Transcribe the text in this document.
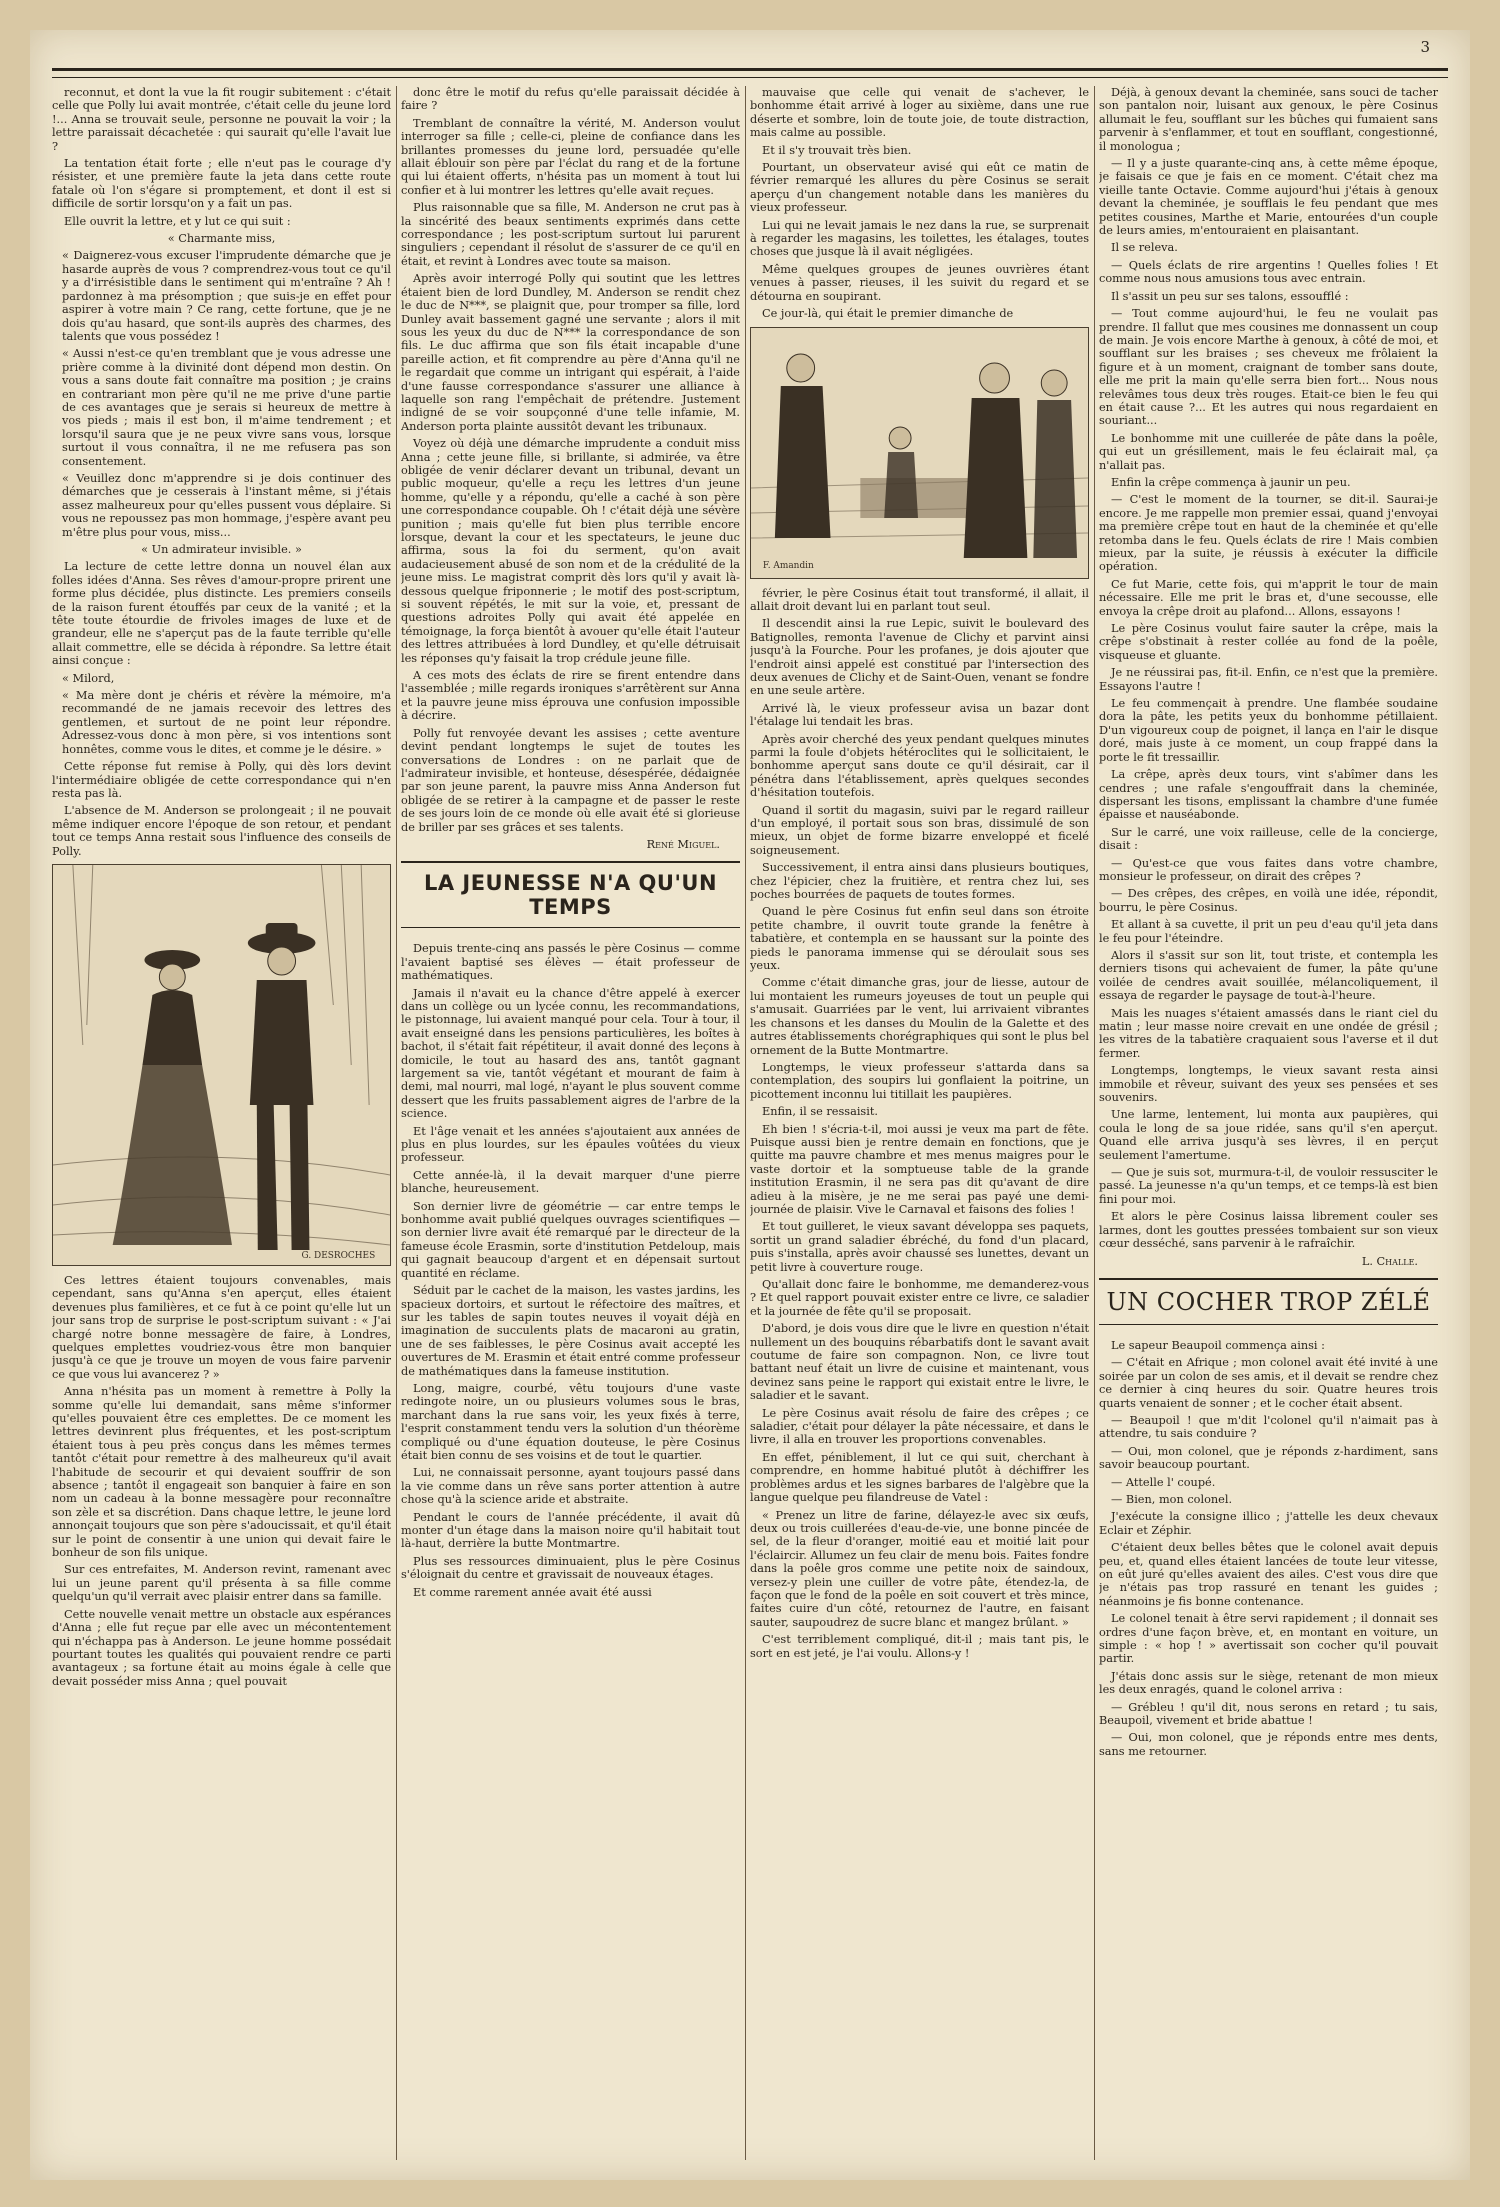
3

reconnut, et dont la vue la fit rougir subitement : c'était celle que Polly lui avait montrée, c'était celle du jeune lord !... Anna se trouvait seule, personne ne pouvait la voir ; la lettre paraissait décachetée : qui saurait qu'elle l'avait lue ?

La tentation était forte ; elle n'eut pas le courage d'y résister, et une première faute la jeta dans cette route fatale où l'on s'égare si promptement, et dont il est si difficile de sortir lorsqu'on y a fait un pas.

Elle ouvrit la lettre, et y lut ce qui suit :

« Charmante miss,

« Daignerez-vous excuser l'imprudente démarche que je hasarde auprès de vous ? comprendrez-vous tout ce qu'il y a d'irrésistible dans le sentiment qui m'entraîne ? Ah ! pardonnez à ma présomption ; que suis-je en effet pour aspirer à votre main ? Ce rang, cette fortune, que je ne dois qu'au hasard, que sont-ils auprès des charmes, des talents que vous possédez !

« Aussi n'est-ce qu'en tremblant que je vous adresse une prière comme à la divinité dont dépend mon destin. On vous a sans doute fait connaître ma position ; je crains en contrariant mon père qu'il ne me prive d'une partie de ces avantages que je serais si heureux de mettre à vos pieds ; mais il est bon, il m'aime tendrement ; et lorsqu'il saura que je ne peux vivre sans vous, lorsque surtout il vous connaîtra, il ne me refusera pas son consentement.

« Veuillez donc m'apprendre si je dois continuer des démarches que je cesserais à l'instant même, si j'étais assez malheureux pour qu'elles pussent vous déplaire. Si vous ne repoussez pas mon hommage, j'espère avant peu m'être plus pour vous, miss...

« Un admirateur invisible. »

La lecture de cette lettre donna un nouvel élan aux folles idées d'Anna. Ses rêves d'amour-propre prirent une forme plus décidée, plus distincte. Les premiers conseils de la raison furent étouffés par ceux de la vanité ; et la tête toute étourdie de frivoles images de luxe et de grandeur, elle ne s'aperçut pas de la faute terrible qu'elle allait commettre, elle se décida à répondre. Sa lettre était ainsi conçue :

« Milord,

« Ma mère dont je chéris et révère la mémoire, m'a recommandé de ne jamais recevoir des lettres des gentlemen, et surtout de ne point leur répondre. Adressez-vous donc à mon père, si vos intentions sont honnêtes, comme vous le dites, et comme je le désire. »

Cette réponse fut remise à Polly, qui dès lors devint l'intermédiaire obligée de cette correspondance qui n'en resta pas là.

L'absence de M. Anderson se prolongeait ; il ne pouvait même indiquer encore l'époque de son retour, et pendant tout ce temps Anna restait sous l'influence des conseils de Polly.

G. DESROCHES

Ces lettres étaient toujours convenables, mais cependant, sans qu'Anna s'en aperçut, elles étaient devenues plus familières, et ce fut à ce point qu'elle lut un jour sans trop de surprise le post-scriptum suivant : « J'ai chargé notre bonne messagère de faire, à Londres, quelques emplettes voudriez-vous être mon banquier jusqu'à ce que je trouve un moyen de vous faire parvenir ce que vous lui avancerez ? »

Anna n'hésita pas un moment à remettre à Polly la somme qu'elle lui demandait, sans même s'informer qu'elles pouvaient être ces emplettes. De ce moment les lettres devinrent plus fréquentes, et les post-scriptum étaient tous à peu près conçus dans les mêmes termes tantôt c'était pour remettre à des malheureux qu'il avait l'habitude de secourir et qui devaient souffrir de son absence ; tantôt il engageait son banquier à faire en son nom un cadeau à la bonne messagère pour reconnaître son zèle et sa discrétion. Dans chaque lettre, le jeune lord annonçait toujours que son père s'adoucissait, et qu'il était sur le point de consentir à une union qui devait faire le bonheur de son fils unique.

Sur ces entrefaites, M. Anderson revint, ramenant avec lui un jeune parent qu'il présenta à sa fille comme quelqu'un qu'il verrait avec plaisir entrer dans sa famille.

Cette nouvelle venait mettre un obstacle aux espérances d'Anna ; elle fut reçue par elle avec un mécontentement qui n'échappa pas à Anderson. Le jeune homme possédait pourtant toutes les qualités qui pouvaient rendre ce parti avantageux ; sa fortune était au moins égale à celle que devait posséder miss Anna ; quel pouvait

donc être le motif du refus qu'elle paraissait décidée à faire ?

Tremblant de connaître la vérité, M. Anderson voulut interroger sa fille ; celle-ci, pleine de confiance dans les brillantes promesses du jeune lord, persuadée qu'elle allait éblouir son père par l'éclat du rang et de la fortune qui lui étaient offerts, n'hésita pas un moment à tout lui confier et à lui montrer les lettres qu'elle avait reçues.

Plus raisonnable que sa fille, M. Anderson ne crut pas à la sincérité des beaux sentiments exprimés dans cette correspondance ; les post-scriptum surtout lui parurent singuliers ; cependant il résolut de s'assurer de ce qu'il en était, et revint à Londres avec toute sa maison.

Après avoir interrogé Polly qui soutint que les lettres étaient bien de lord Dundley, M. Anderson se rendit chez le duc de N***, se plaignit que, pour tromper sa fille, lord Dunley avait bassement gagné une servante ; alors il mit sous les yeux du duc de N*** la correspondance de son fils. Le duc affirma que son fils était incapable d'une pareille action, et fit comprendre au père d'Anna qu'il ne le regardait que comme un intrigant qui espérait, à l'aide d'une fausse correspondance s'assurer une alliance à laquelle son rang l'empêchait de prétendre. Justement indigné de se voir soupçonné d'une telle infamie, M. Anderson porta plainte aussitôt devant les tribunaux.

Voyez où déjà une démarche imprudente a conduit miss Anna ; cette jeune fille, si brillante, si admirée, va être obligée de venir déclarer devant un tribunal, devant un public moqueur, qu'elle a reçu les lettres d'un jeune homme, qu'elle y a répondu, qu'elle a caché à son père une correspondance coupable. Oh ! c'était déjà une sévère punition ; mais qu'elle fut bien plus terrible encore lorsque, devant la cour et les spectateurs, le jeune duc affirma, sous la foi du serment, qu'on avait audacieusement abusé de son nom et de la crédulité de la jeune miss. Le magistrat comprit dès lors qu'il y avait là-dessous quelque friponnerie ; le motif des post-scriptum, si souvent répétés, le mit sur la voie, et, pressant de questions adroites Polly qui avait été appelée en témoignage, la força bientôt à avouer qu'elle était l'auteur des lettres attribuées à lord Dundley, et qu'elle détruisait les réponses qu'y faisait la trop crédule jeune fille.

A ces mots des éclats de rire se firent entendre dans l'assemblée ; mille regards ironiques s'arrêtèrent sur Anna et la pauvre jeune miss éprouva une confusion impossible à décrire.

Polly fut renvoyée devant les assises ; cette aventure devint pendant longtemps le sujet de toutes les conversations de Londres : on ne parlait que de l'admirateur invisible, et honteuse, désespérée, dédaignée par son jeune parent, la pauvre miss Anna Anderson fut obligée de se retirer à la campagne et de passer le reste de ses jours loin de ce monde où elle avait été si glorieuse de briller par ses grâces et ses talents.

René Miguel.

LA JEUNESSE N'A QU'UN TEMPS

Depuis trente-cinq ans passés le père Cosinus — comme l'avaient baptisé ses élèves — était professeur de mathématiques.

Jamais il n'avait eu la chance d'être appelé à exercer dans un collège ou un lycée connu, les recommandations, le pistonnage, lui avaient manqué pour cela. Tour à tour, il avait enseigné dans les pensions particulières, les boîtes à bachot, il s'était fait répétiteur, il avait donné des leçons à domicile, le tout au hasard des ans, tantôt gagnant largement sa vie, tantôt végétant et mourant de faim à demi, mal nourri, mal logé, n'ayant le plus souvent comme dessert que les fruits passablement aigres de l'arbre de la science.

Et l'âge venait et les années s'ajoutaient aux années de plus en plus lourdes, sur les épaules voûtées du vieux professeur.

Cette année-là, il la devait marquer d'une pierre blanche, heureusement.

Son dernier livre de géométrie — car entre temps le bonhomme avait publié quelques ouvrages scientifiques — son dernier livre avait été remarqué par le directeur de la fameuse école Erasmin, sorte d'institution Petdeloup, mais qui gagnait beaucoup d'argent et en dépensait surtout quantité en réclame.

Séduit par le cachet de la maison, les vastes jardins, les spacieux dortoirs, et surtout le réfectoire des maîtres, et sur les tables de sapin toutes neuves il voyait déjà en imagination de succulents plats de macaroni au gratin, une de ses faiblesses, le père Cosinus avait accepté les ouvertures de M. Erasmin et était entré comme professeur de mathématiques dans la fameuse institution.

Long, maigre, courbé, vêtu toujours d'une vaste redingote noire, un ou plusieurs volumes sous le bras, marchant dans la rue sans voir, les yeux fixés à terre, l'esprit constamment tendu vers la solution d'un théorème compliqué ou d'une équation douteuse, le père Cosinus était bien connu de ses voisins et de tout le quartier.

Lui, ne connaissait personne, ayant toujours passé dans la vie comme dans un rêve sans porter attention à autre chose qu'à la science aride et abstraite.

Pendant le cours de l'année précédente, il avait dû monter d'un étage dans la maison noire qu'il habitait tout là-haut, derrière la butte Montmartre.

Plus ses ressources diminuaient, plus le père Cosinus s'éloignait du centre et gravissait de nouveaux étages.

Et comme rarement année avait été aussi

mauvaise que celle qui venait de s'achever, le bonhomme était arrivé à loger au sixième, dans une rue déserte et sombre, loin de toute joie, de toute distraction, mais calme au possible.

Et il s'y trouvait très bien.

Pourtant, un observateur avisé qui eût ce matin de février remarqué les allures du père Cosinus se serait aperçu d'un changement notable dans les manières du vieux professeur.

Lui qui ne levait jamais le nez dans la rue, se surprenait à regarder les magasins, les toilettes, les étalages, toutes choses que jusque là il avait négligées.

Même quelques groupes de jeunes ouvrières étant venues à passer, rieuses, il les suivit du regard et se détourna en soupirant.

Ce jour-là, qui était le premier dimanche de

F. Amandin

février, le père Cosinus était tout transformé, il allait, il allait droit devant lui en parlant tout seul.

Il descendit ainsi la rue Lepic, suivit le boulevard des Batignolles, remonta l'avenue de Clichy et parvint ainsi jusqu'à la Fourche. Pour les profanes, je dois ajouter que l'endroit ainsi appelé est constitué par l'intersection des deux avenues de Clichy et de Saint-Ouen, venant se fondre en une seule artère.

Arrivé là, le vieux professeur avisa un bazar dont l'étalage lui tendait les bras.

Après avoir cherché des yeux pendant quelques minutes parmi la foule d'objets hétéroclites qui le sollicitaient, le bonhomme aperçut sans doute ce qu'il désirait, car il pénétra dans l'établissement, après quelques secondes d'hésitation toutefois.

Quand il sortit du magasin, suivi par le regard railleur d'un employé, il portait sous son bras, dissimulé de son mieux, un objet de forme bizarre enveloppé et ficelé soigneusement.

Successivement, il entra ainsi dans plusieurs boutiques, chez l'épicier, chez la fruitière, et rentra chez lui, ses poches bourrées de paquets de toutes formes.

Quand le père Cosinus fut enfin seul dans son étroite petite chambre, il ouvrit toute grande la fenêtre à tabatière, et contempla en se haussant sur la pointe des pieds le panorama immense qui se déroulait sous ses yeux.

Comme c'était dimanche gras, jour de liesse, autour de lui montaient les rumeurs joyeuses de tout un peuple qui s'amusait. Guarriées par le vent, lui arrivaient vibrantes les chansons et les danses du Moulin de la Galette et des autres établissements chorégraphiques qui sont le plus bel ornement de la Butte Montmartre.

Longtemps, le vieux professeur s'attarda dans sa contemplation, des soupirs lui gonflaient la poitrine, un picottement inconnu lui titillait les paupières.

Enfin, il se ressaisit.

Eh bien ! s'écria-t-il, moi aussi je veux ma part de fête. Puisque aussi bien je rentre demain en fonctions, que je quitte ma pauvre chambre et mes menus maigres pour le vaste dortoir et la somptueuse table de la grande institution Erasmin, il ne sera pas dit qu'avant de dire adieu à la misère, je ne me serai pas payé une demi-journée de plaisir. Vive le Carnaval et faisons des folies !

Et tout guilleret, le vieux savant développa ses paquets, sortit un grand saladier ébréché, du fond d'un placard, puis s'installa, après avoir chaussé ses lunettes, devant un petit livre à couverture rouge.

Qu'allait donc faire le bonhomme, me demanderez-vous ? Et quel rapport pouvait exister entre ce livre, ce saladier et la journée de fête qu'il se proposait.

D'abord, je dois vous dire que le livre en question n'était nullement un des bouquins rébarbatifs dont le savant avait coutume de faire son compagnon. Non, ce livre tout battant neuf était un livre de cuisine et maintenant, vous devinez sans peine le rapport qui existait entre le livre, le saladier et le savant.

Le père Cosinus avait résolu de faire des crêpes ; ce saladier, c'était pour délayer la pâte nécessaire, et dans le livre, il alla en trouver les proportions convenables.

En effet, péniblement, il lut ce qui suit, cherchant à comprendre, en homme habitué plutôt à déchiffrer les problèmes ardus et les signes barbares de l'algèbre que la langue quelque peu filandreuse de Vatel :

« Prenez un litre de farine, délayez-le avec six œufs, deux ou trois cuillerées d'eau-de-vie, une bonne pincée de sel, de la fleur d'oranger, moitié eau et moitié lait pour l'éclaircir. Allumez un feu clair de menu bois. Faites fondre dans la poêle gros comme une petite noix de saindoux, versez-y plein une cuiller de votre pâte, étendez-la, de façon que le fond de la poêle en soit couvert et très mince, faites cuire d'un côté, retournez de l'autre, en faisant sauter, saupoudrez de sucre blanc et mangez brûlant. »

C'est terriblement compliqué, dit-il ; mais tant pis, le sort en est jeté, je l'ai voulu. Allons-y !

Déjà, à genoux devant la cheminée, sans souci de tacher son pantalon noir, luisant aux genoux, le père Cosinus allumait le feu, soufflant sur les bûches qui fumaient sans parvenir à s'enflammer, et tout en soufflant, congestionné, il monologua ;

— Il y a juste quarante-cinq ans, à cette même époque, je faisais ce que je fais en ce moment. C'était chez ma vieille tante Octavie. Comme aujourd'hui j'étais à genoux devant la cheminée, je soufflais le feu pendant que mes petites cousines, Marthe et Marie, entourées d'un couple de leurs amies, m'entouraient en plaisantant.

Il se releva.

— Quels éclats de rire argentins ! Quelles folies ! Et comme nous nous amusions tous avec entrain.

Il s'assit un peu sur ses talons, essoufflé :

— Tout comme aujourd'hui, le feu ne voulait pas prendre. Il fallut que mes cousines me donnassent un coup de main. Je vois encore Marthe à genoux, à côté de moi, et soufflant sur les braises ; ses cheveux me frôlaient la figure et à un moment, craignant de tomber sans doute, elle me prit la main qu'elle serra bien fort... Nous nous relevâmes tous deux très rouges. Etait-ce bien le feu qui en était cause ?... Et les autres qui nous regardaient en souriant...

Le bonhomme mit une cuillerée de pâte dans la poêle, qui eut un grésillement, mais le feu éclairait mal, ça n'allait pas.

Enfin la crêpe commença à jaunir un peu.

— C'est le moment de la tourner, se dit-il. Saurai-je encore. Je me rappelle mon premier essai, quand j'envoyai ma première crêpe tout en haut de la cheminée et qu'elle retomba dans le feu. Quels éclats de rire ! Mais combien mieux, par la suite, je réussis à exécuter la difficile opération.

Ce fut Marie, cette fois, qui m'apprit le tour de main nécessaire. Elle me prit le bras et, d'une secousse, elle envoya la crêpe droit au plafond... Allons, essayons !

Le père Cosinus voulut faire sauter la crêpe, mais la crêpe s'obstinait à rester collée au fond de la poêle, visqueuse et gluante.

Je ne réussirai pas, fit-il. Enfin, ce n'est que la première. Essayons l'autre !

Le feu commençait à prendre. Une flambée soudaine dora la pâte, les petits yeux du bonhomme pétillaient. D'un vigoureux coup de poignet, il lança en l'air le disque doré, mais juste à ce moment, un coup frappé dans la porte le fit tressaillir.

La crêpe, après deux tours, vint s'abîmer dans les cendres ; une rafale s'engouffrait dans la cheminée, dispersant les tisons, emplissant la chambre d'une fumée épaisse et nauséabonde.

Sur le carré, une voix railleuse, celle de la concierge, disait :

— Qu'est-ce que vous faites dans votre chambre, monsieur le professeur, on dirait des crêpes ?

— Des crêpes, des crêpes, en voilà une idée, répondit, bourru, le père Cosinus.

Et allant à sa cuvette, il prit un peu d'eau qu'il jeta dans le feu pour l'éteindre.

Alors il s'assit sur son lit, tout triste, et contempla les derniers tisons qui achevaient de fumer, la pâte qu'une voilée de cendres avait souillée, mélancoliquement, il essaya de regarder le paysage de tout-à-l'heure.

Mais les nuages s'étaient amassés dans le riant ciel du matin ; leur masse noire crevait en une ondée de grésil ; les vitres de la tabatière craquaient sous l'averse et il dut fermer.

Longtemps, longtemps, le vieux savant resta ainsi immobile et rêveur, suivant des yeux ses pensées et ses souvenirs.

Une larme, lentement, lui monta aux paupières, qui coula le long de sa joue ridée, sans qu'il s'en aperçut. Quand elle arriva jusqu'à ses lèvres, il en perçut seulement l'amertume.

— Que je suis sot, murmura-t-il, de vouloir ressusciter le passé. La jeunesse n'a qu'un temps, et ce temps-là est bien fini pour moi.

Et alors le père Cosinus laissa librement couler ses larmes, dont les gouttes pressées tombaient sur son vieux cœur desséché, sans parvenir à le rafraîchir.

L. Challe.

UN COCHER TROP ZÉLÉ

Le sapeur Beaupoil commença ainsi :

— C'était en Afrique ; mon colonel avait été invité à une soirée par un colon de ses amis, et il devait se rendre chez ce dernier à cinq heures du soir. Quatre heures trois quarts venaient de sonner ; et le cocher était absent.

— Beaupoil ! que m'dit l'colonel qu'il n'aimait pas à attendre, tu sais conduire ?

— Oui, mon colonel, que je réponds z-hardiment, sans savoir beaucoup pourtant.

— Attelle l' coupé.

— Bien, mon colonel.

J'exécute la consigne illico ; j'attelle les deux chevaux Eclair et Zéphir.

C'étaient deux belles bêtes que le colonel avait depuis peu, et, quand elles étaient lancées de toute leur vitesse, on eût juré qu'elles avaient des ailes. C'est vous dire que je n'étais pas trop rassuré en tenant les guides ; néanmoins je fis bonne contenance.

Le colonel tenait à être servi rapidement ; il donnait ses ordres d'une façon brève, et, en montant en voiture, un simple : « hop ! » avertissait son cocher qu'il pouvait partir.

J'étais donc assis sur le siège, retenant de mon mieux les deux enragés, quand le colonel arriva :

— Grébleu ! qu'il dit, nous serons en retard ; tu sais, Beaupoil, vivement et bride abattue !

— Oui, mon colonel, que je réponds entre mes dents, sans me retourner.
